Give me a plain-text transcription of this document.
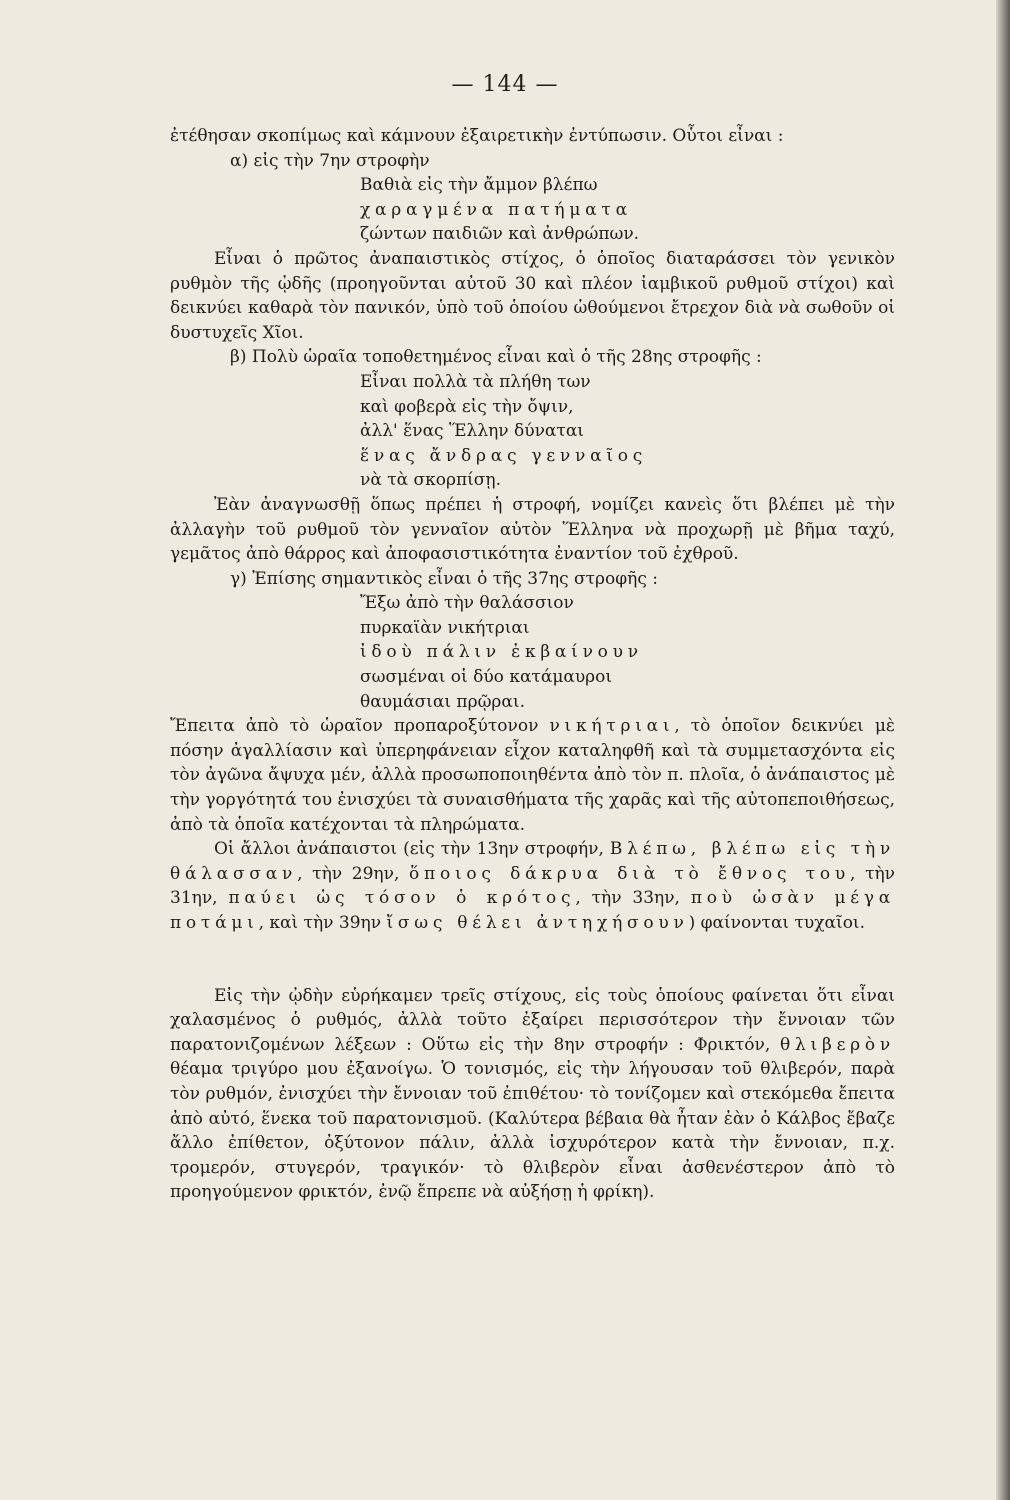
— 144 —

ἐτέθησαν σκοπίμως καὶ κάμνουν ἐξαιρετικὴν ἐντύπωσιν. Οὗτοι εἶναι :

α) εἰς τὴν 7ην στροφὴν

Βαθιὰ εἰς τὴν ἄμμον βλέπω

χαραγμένα πατήματα

ζώντων παιδιῶν καὶ ἀνθρώπων.

Εἶναι ὁ πρῶτος ἀναπαιστικὸς στίχος, ὁ ὁποῖος διαταράσσει τὸν γενικὸν ρυθμὸν τῆς ᾠδῆς (προηγοῦνται αὐτοῦ 30 καὶ πλέον ἰαμβικοῦ ρυθμοῦ στίχοι) καὶ δεικνύει καθαρὰ τὸν πανικόν, ὑπὸ τοῦ ὁποίου ὠθούμενοι ἔτρεχον διὰ νὰ σωθοῦν οἱ δυστυχεῖς Χῖοι.

β) Πολὺ ὡραῖα τοποθετημένος εἶναι καὶ ὁ τῆς 28ης στροφῆς :

Εἶναι πολλὰ τὰ πλήθη των

καὶ φοβερὰ εἰς τὴν ὄψιν,

ἀλλ' ἕνας Ἕλλην δύναται

ἕνας ἄνδρας γενναῖος

νὰ τὰ σκορπίσῃ.

Ἐὰν ἀναγνωσθῇ ὅπως πρέπει ἡ στροφή, νομίζει κανεὶς ὅτι βλέπει μὲ τὴν ἀλλαγὴν τοῦ ρυθμοῦ τὸν γενναῖον αὐτὸν Ἕλληνα νὰ προχωρῇ μὲ βῆμα ταχύ, γεμᾶτος ἀπὸ θάρρος καὶ ἀποφασιστικότητα ἐναντίον τοῦ ἐχθροῦ.

γ) Ἐπίσης σημαντικὸς εἶναι ὁ τῆς 37ης στροφῆς :

Ἔξω ἀπὸ τὴν θαλάσσιον

πυρκαϊὰν νικήτριαι

ἰδοὺ πάλιν ἐκβαίνουν

σωσμέναι οἱ δύο κατάμαυροι

θαυμάσιαι πρῷραι.

Ἔπειτα ἀπὸ τὸ ὡραῖον προπαροξύτονον νικήτριαι, τὸ ὁποῖον δεικνύει μὲ πόσην ἀγαλλίασιν καὶ ὑπερηφάνειαν εἶχον καταληφθῆ καὶ τὰ συμμετασχόντα εἰς τὸν ἀγῶνα ἄψυχα μέν, ἀλλὰ προσωποποιηθέντα ἀπὸ τὸν π. πλοῖα, ὁ ἀνάπαιστος μὲ τὴν γοργότητά του ἐνισχύει τὰ συναισθήματα τῆς χαρᾶς καὶ τῆς αὐτοπεποιθήσεως, ἀπὸ τὰ ὁποῖα κατέχονται τὰ πληρώματα.

Οἱ ἄλλοι ἀνάπαιστοι (εἰς τὴν 13ην στροφήν, Βλέπω, βλέπω εἰς τὴν θάλασσαν, τὴν 29ην, ὅποιος δάκρυα διὰ τὸ ἔθνος του, τὴν 31ην, παύει ὡς τόσον ὁ κρότος, τὴν 33ην, ποὺ ὡσὰν μέγα ποτάμι, καὶ τὴν 39ην ἴσως θέλει ἀντηχήσουν) φαίνονται τυχαῖοι.

Εἰς τὴν ᾠδὴν εὑρήκαμεν τρεῖς στίχους, εἰς τοὺς ὁποίους φαίνεται ὅτι εἶναι χαλασμένος ὁ ρυθμός, ἀλλὰ τοῦτο ἐξαίρει περισσότερον τὴν ἔννοιαν τῶν παρατονιζομένων λέξεων : Οὕτω εἰς τὴν 8ην στροφήν : Φρικτόν, θλιβερὸν θέαμα τριγύρο μου ἐξανοίγω. Ὁ τονισμός, εἰς τὴν λήγουσαν τοῦ θλιβερόν, παρὰ τὸν ρυθμόν, ἐνισχύει τὴν ἔννοιαν τοῦ ἐπιθέτου· τὸ τονίζομεν καὶ στεκόμεθα ἔπειτα ἀπὸ αὐτό, ἕνεκα τοῦ παρατονισμοῦ. (Καλύτερα βέβαια θὰ ἦταν ἐὰν ὁ Κάλβος ἔβαζε ἄλλο ἐπίθετον, ὀξύτονον πάλιν, ἀλλὰ ἰσχυρότερον κατὰ τὴν ἔννοιαν, π.χ. τρομερόν, στυγερόν, τραγικόν· τὸ θλιβερὸν εἶναι ἀσθενέστερον ἀπὸ τὸ προηγούμενον φρικτόν, ἐνῷ ἔπρεπε νὰ αὐξήσῃ ἡ φρίκη).
